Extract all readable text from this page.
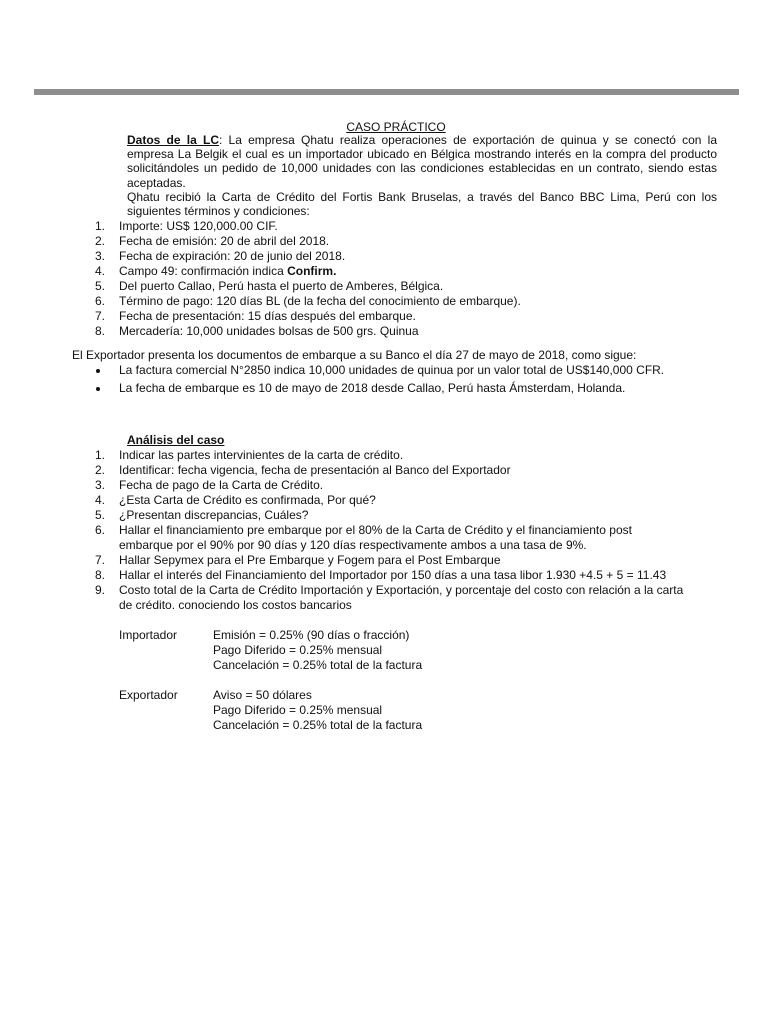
CASO PRÁCTICO

Datos de la LC: La empresa Qhatu realiza operaciones de exportación de quinua y se conectó con la empresa La Belgik el cual es un importador ubicado en Bélgica mostrando interés en la compra del producto solicitándoles un pedido de 10,000 unidades con las condiciones establecidas en un contrato, siendo estas aceptadas.

Qhatu recibió la Carta de Crédito del Fortis Bank Bruselas, a través del Banco BBC Lima, Perú con los siguientes términos y condiciones:

1. Importe: US$ 120,000.00 CIF.
2. Fecha de emisión: 20 de abril del 2018.
3. Fecha de expiración: 20 de junio del 2018.
4. Campo 49: confirmación indica Confirm.
5. Del puerto Callao, Perú hasta el puerto de Amberes, Bélgica.
6. Término de pago: 120 días BL (de la fecha del conocimiento de embarque).
7. Fecha de presentación: 15 días después del embarque.
8. Mercadería: 10,000 unidades bolsas de 500 grs. Quinua
El Exportador presenta los documentos de embarque a su Banco el día 27 de mayo de 2018, como sigue:
La factura comercial N°2850 indica 10,000 unidades de quinua por un valor total de US$140,000 CFR.
La fecha de embarque es 10 de mayo de 2018 desde Callao, Perú hasta Ámsterdam, Holanda.
Análisis del caso
1. Indicar las partes intervinientes de la carta de crédito.
2. Identificar: fecha vigencia, fecha de presentación al Banco del Exportador
3. Fecha de pago de la Carta de Crédito.
4. ¿Esta Carta de Crédito es confirmada, Por qué?
5. ¿Presentan discrepancias, Cuáles?
6. Hallar el financiamiento pre embarque por el 80% de la Carta de Crédito y el financiamiento post embarque por el 90% por 90 días y 120 días respectivamente ambos a una tasa de 9%.
7. Hallar Sepymex para el Pre Embarque y Fogem para el Post Embarque
8. Hallar el interés del Financiamiento del Importador por 150 días a una tasa libor 1.930 +4.5 + 5 = 11.43
9. Costo total de la Carta de Crédito Importación y Exportación, y porcentaje del costo con relación a la carta de crédito. conociendo los costos bancarios
Importador	Emisión = 0.25% (90 días o fracción)
Pago Diferido = 0.25% mensual
Cancelación = 0.25% total de la factura
Exportador	Aviso = 50 dólares
Pago Diferido = 0.25% mensual
Cancelación = 0.25% total de la factura
